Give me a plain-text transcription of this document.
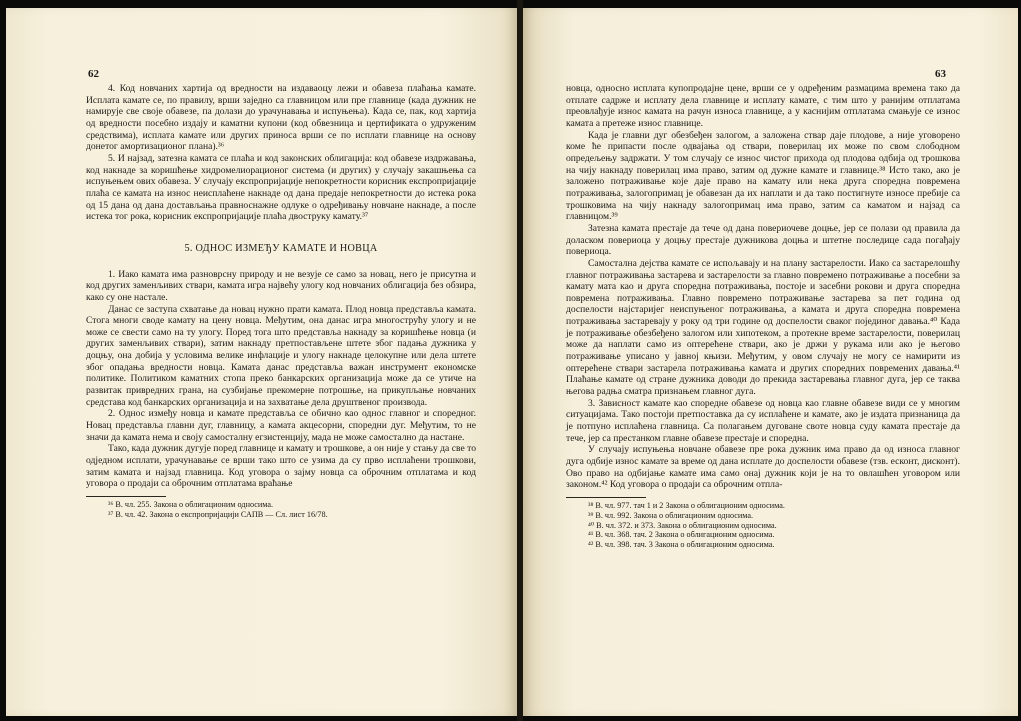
62

4. Код новчаних хартија од вредности на издаваоцу лежи и обавеза плаћања камате. Исплата камате се, по правилу, врши заједно са главницом или пре главнице (када дужник не намирује све своје обавезе, па долази до урачунавања и испуњења). Када се, пак, код хартија од вредности посебно издају и каматни купони (код обвезница и цертификата о удруженим средствима), исплата камате или других приноса врши се по исплати главнице на основу донетог амортизационог плана).³⁶

5. И најзад, затезна камата се плаћа и код законских облигација: код обавезе издржавања, код накнаде за коришћење хидромелиорационог система (и других) у случају закашњења са испуњењем ових обавеза. У случају експропријације непокретности корисник експропријације плаћа се камата на износ неисплаћене накнаде од дана предаје непокретности до истека рока од 15 дана од дана достављања правноснажне одлуке о одређивању новчане накнаде, а после истека тог рока, корисник експропријације плаћа двоструку камату.³⁷

5. ОДНОС ИЗМЕЂУ КАМАТЕ И НОВЦА

1. Иако камата има разноврсну природу и не везује се само за новац, него је присутна и код других заменљивих ствари, камата игра највећу улогу код новчаних облигација без обзира, како су оне настале.

Данас се заступа схватање да новац нужно прати камата. Плод новца представља камата. Стога многи своде камату на цену новца. Међутим, она данас игра многострућу улогу и не може се свести само на ту улогу. Поред тога што представља накнаду за коришћење новца (и других заменљивих ствари), затим накнаду претпостављене штете због падања дужника у доцњу, она добија у условима велике инфлације и улогу накнаде целокупне или дела штете због опадања вредности новца. Камата данас представља важан инструмент економске политике. Политиком каматних стопа преко банкарских организација може да се утиче на развитак привредних грана, на сузбијање прекомерне потрошње, на прикупљање новчаних средстава код банкарских организација и на захватање дела друштвеног производа.

2. Однос између новца и камате представља се обично као однос главног и споредног. Новац представља главни дуг, главницу, а камата акцесорни, споредни дуг. Међутим, то не значи да камата нема и своју самосталну егзистенцију, мада не може самостално да настане.

Тако, када дужник дугује поред главнице и камату и трошкове, а он није у стању да све то одједном исплати, урачунавање се врши тако што се узима да су прво исплаћени трошкови, затим камата и најзад главница. Код уговора о зајму новца са оброчним отплатама и код уговора о продаји са оброчним отплатама враћање

³⁶ В. чл. 255. Закона о облигационим односима.
³⁷ В. чл. 42. Закона о експропријацији САПВ — Сл. лист 16/78.
63

новца, односно исплата купопродајне цене, врши се у одређеним размацима времена тако да отплате садрже и исплату дела главнице и исплату камате, с тим што у ранијим отплатама преовлађује износ камата на рачун износа главнице, а у каснијим отплатама смањује се износ камата а претеже износ главнице.

Када је главни дуг обезбеђен залогом, а заложена ствар даје плодове, а није уговорено коме ће припасти после одвајања од ствари, поверилац их може по свом слободном опредељењу задржати. У том случају се износ чистог прихода од плодова одбија од трошкова на чију накнаду поверилац има право, затим од дужне камате и главнице.³⁸ Исто тако, ако је заложено потраживање које даје право на камату или нека друга споредна повремена потраживања, залогопримац је обавезан да их наплати и да тако постигнуте износе пребије са трошковима на чију накнаду залогопримац има право, затим са каматом и најзад са главницом.³⁹

Затезна камата престаје да тече од дана повериочеве доцње, јер се полази од правила да доласком повериоца у доцњу престаје дужникова доцња и штетне последице сада погађају повериоца.

Самостална дејства камате се испољавају и на плану застарелости. Иако са застарелошћу главног потраживања застарева и застарелости за главно повремено потраживање а посебни за камату мата као и друга споредна потраживања, постоје и засебни рокови и друга споредна повремена потраживања. Главно повремено потраживање застарева за пет година од доспелости најстаријег неиспуњеног потраживања, а камата и друга споредна повремена потраживања застаревају у року од три године од доспелости сваког појединог давања.⁴⁰ Када је потраживање обезбеђено залогом или хипотеком, а протекне време застарелости, поверилац може да наплати само из оптерећене ствари, ако је држи у рукама или ако је његово потраживање уписано у јавној књизи. Међутим, у овом случају не могу се намирити из оптерећене ствари застарела потраживања камата и других споредних повремених давања.⁴¹ Плаћање камате од стране дужника доводи до прекида застаревања главног дуга, јер се таква његова радња сматра признањем главног дуга.

3. Зависност камате као споредне обавезе од новца као главне обавезе види се у многим ситуацијама. Тако постоји претпоставка да су исплаћене и камате, ако је издата признаница да је потпуно исплаћена главница. Са полагањем дуговане своте новца суду камата престаје да тече, јер са престанком главне обавезе престаје и споредна.

У случају испуњења новчане обавезе пре рока дужник има право да од износа главног дуга одбије износ камате за време од дана исплате до доспелости обавезе (тзв. есконт, дисконт). Ово право на одбијање камате има само онај дужник који је на то овлашћен уговором или законом.⁴² Код уговора о продаји са оброчним отпла-

³⁸ В. чл. 977. тач 1 и 2 Закона о облигационим односима.
³⁹ В. чл. 992. Закона о облигационим односима.
⁴⁰ В. чл. 372. и 373. Закона о облигационим односима.
⁴¹ В. чл. 368. тач. 2 Закона о облигационим односима.
⁴² В. чл. 398. тач. 3 Закона о облигационим односима.
